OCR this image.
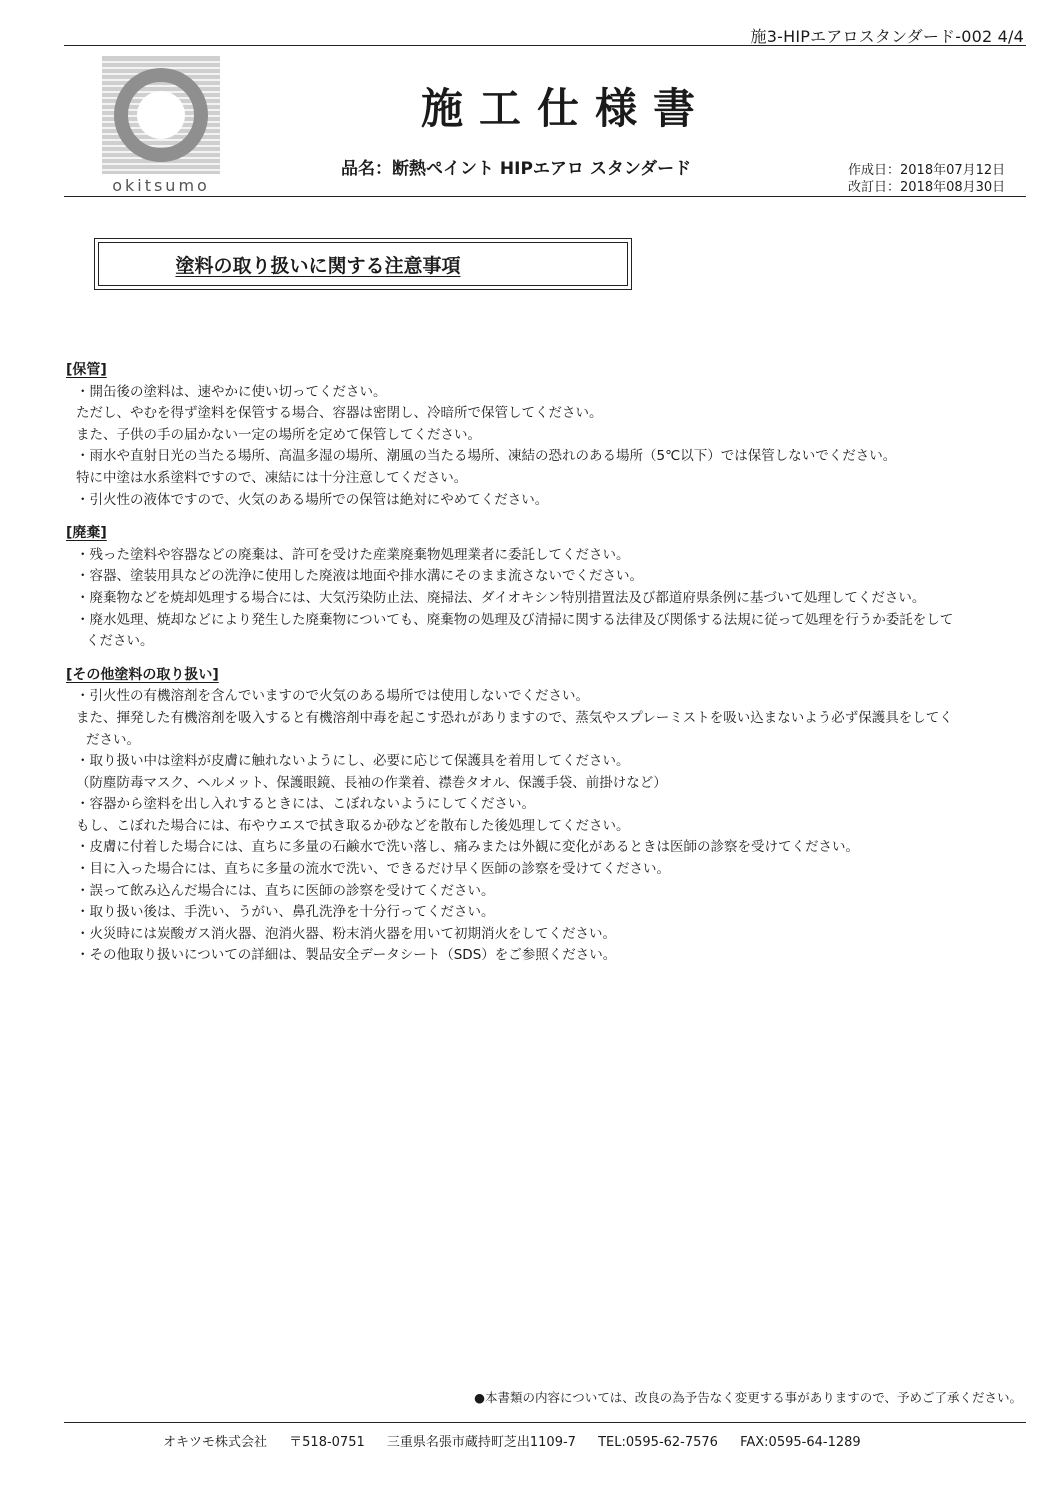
施3-HIPエアロスタンダード-002 4/4
okitsumo
施工仕様書
品名：断熱ペイント HIPエアロ スタンダード	作成日：2018年07月12日
改訂日：2018年08月30日
塗料の取り扱いに関する注意事項
[保管]
・開缶後の塗料は、速やかに使い切ってください。
ただし、やむを得ず塗料を保管する場合、容器は密閉し、冷暗所で保管してください。
また、子供の手の届かない一定の場所を定めて保管してください。
・雨水や直射日光の当たる場所、高温多湿の場所、潮風の当たる場所、凍結の恐れのある場所（5℃以下）では保管しないでください。
特に中塗は水系塗料ですので、凍結には十分注意してください。
・引火性の液体ですので、火気のある場所での保管は絶対にやめてください。
[廃棄]
・残った塗料や容器などの廃棄は、許可を受けた産業廃棄物処理業者に委託してください。
・容器、塗装用具などの洗浄に使用した廃液は地面や排水溝にそのまま流さないでください。
・廃棄物などを焼却処理する場合には、大気汚染防止法、廃掃法、ダイオキシン特別措置法及び都道府県条例に基づいて処理してください。
・廃水処理、焼却などにより発生した廃棄物についても、廃棄物の処理及び清掃に関する法律及び関係する法規に従って処理を行うか委託をしてください。
[その他塗料の取り扱い]
・引火性の有機溶剤を含んでいますので火気のある場所では使用しないでください。
また、揮発した有機溶剤を吸入すると有機溶剤中毒を起こす恐れがありますので、蒸気やスプレーミストを吸い込まないよう必ず保護具をしてください。
・取り扱い中は塗料が皮膚に触れないようにし、必要に応じて保護具を着用してください。
（防塵防毒マスク、ヘルメット、保護眼鏡、長袖の作業着、襟巻タオル、保護手袋、前掛けなど）
・容器から塗料を出し入れするときには、こぼれないようにしてください。
もし、こぼれた場合には、布やウエスで拭き取るか砂などを散布した後処理してください。
・皮膚に付着した場合には、直ちに多量の石鹸水で洗い落し、痛みまたは外観に変化があるときは医師の診察を受けてください。
・目に入った場合には、直ちに多量の流水で洗い、できるだけ早く医師の診察を受けてください。
・誤って飲み込んだ場合には、直ちに医師の診察を受けてください。
・取り扱い後は、手洗い、うがい、鼻孔洗浄を十分行ってください。
・火災時には炭酸ガス消火器、泡消火器、粉末消火器を用いて初期消火をしてください。
・その他取り扱いについての詳細は、製品安全データシート（SDS）をご参照ください。
●本書類の内容については、改良の為予告なく変更する事がありますので、予めご了承ください。
オキツモ株式会社 〒518-0751 三重県名張市蔵持町芝出1109-7 TEL:0595-62-7576 FAX:0595-64-1289
